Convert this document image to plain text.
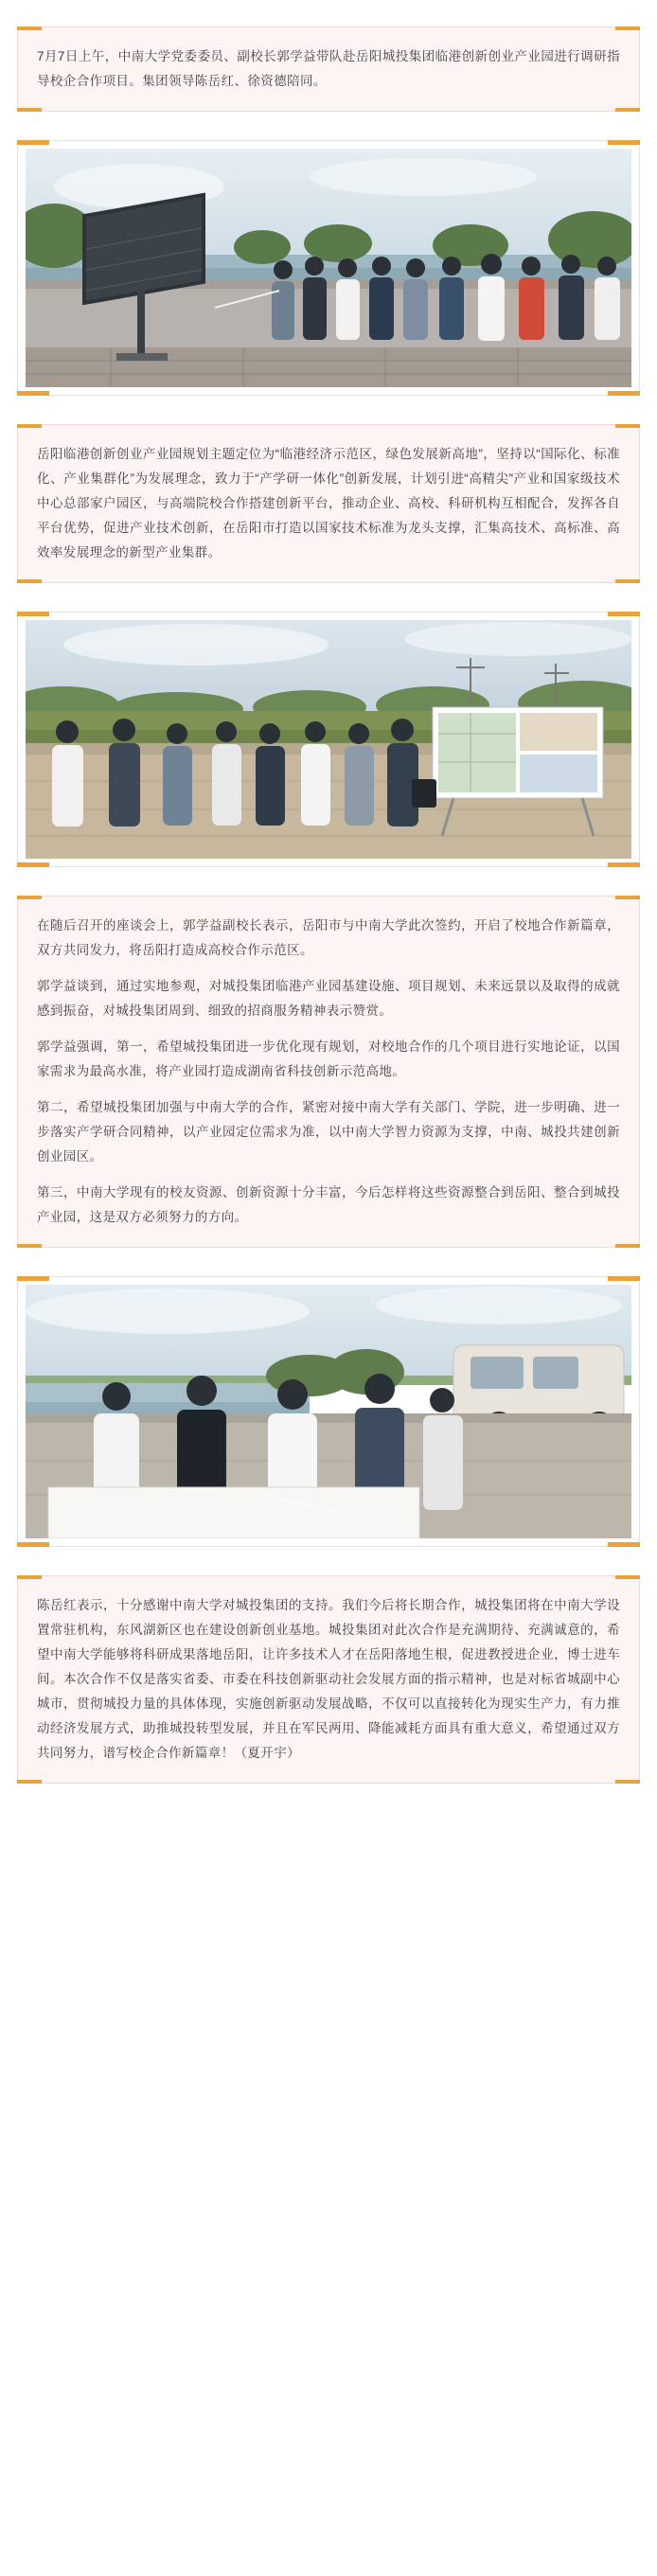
7月7日上午，中南大学党委委员、副校长郭学益带队赴岳阳城投集团临港创新创业产业园进行调研指导校企合作项目。集团领导陈岳红、徐资德陪同。

岳阳临港创新创业产业园规划主题定位为“临港经济示范区，绿色发展新高地”，坚持以“国际化、标准化、产业集群化”为发展理念，致力于“产学研一体化”创新发展，计划引进“高精尖”产业和国家级技术中心总部家户园区，与高端院校合作搭建创新平台，推动企业、高校、科研机构互相配合，发挥各自平台优势，促进产业技术创新，在岳阳市打造以国家技术标准为龙头支撑，汇集高技术、高标准、高效率发展理念的新型产业集群。

在随后召开的座谈会上，郭学益副校长表示，岳阳市与中南大学此次签约，开启了校地合作新篇章，双方共同发力，将岳阳打造成高校合作示范区。

郭学益谈到，通过实地参观，对城投集团临港产业园基建设施、项目规划、未来远景以及取得的成就感到振奋，对城投集团周到、细致的招商服务精神表示赞赏。

郭学益强调，第一，希望城投集团进一步优化现有规划，对校地合作的几个项目进行实地论证，以国家需求为最高水准，将产业园打造成湖南省科技创新示范高地。

第二，希望城投集团加强与中南大学的合作，紧密对接中南大学有关部门、学院，进一步明确、进一步落实产学研合同精神，以产业园定位需求为准，以中南大学智力资源为支撑，中南、城投共建创新创业园区。

第三，中南大学现有的校友资源、创新资源十分丰富，今后怎样将这些资源整合到岳阳、整合到城投产业园，这是双方必须努力的方向。

陈岳红表示，十分感谢中南大学对城投集团的支持。我们今后将长期合作，城投集团将在中南大学设置常驻机构，东风湖新区也在建设创新创业基地。城投集团对此次合作是充满期待、充满诚意的，希望中南大学能够将科研成果落地岳阳，让许多技术人才在岳阳落地生根，促进教授进企业，博士进车间。本次合作不仅是落实省委、市委在科技创新驱动社会发展方面的指示精神，也是对标省城副中心城市，贯彻城投力量的具体体现，实施创新驱动发展战略，不仅可以直接转化为现实生产力，有力推动经济发展方式，助推城投转型发展，并且在军民两用、降能减耗方面具有重大意义，希望通过双方共同努力，谱写校企合作新篇章！（夏开宇）
